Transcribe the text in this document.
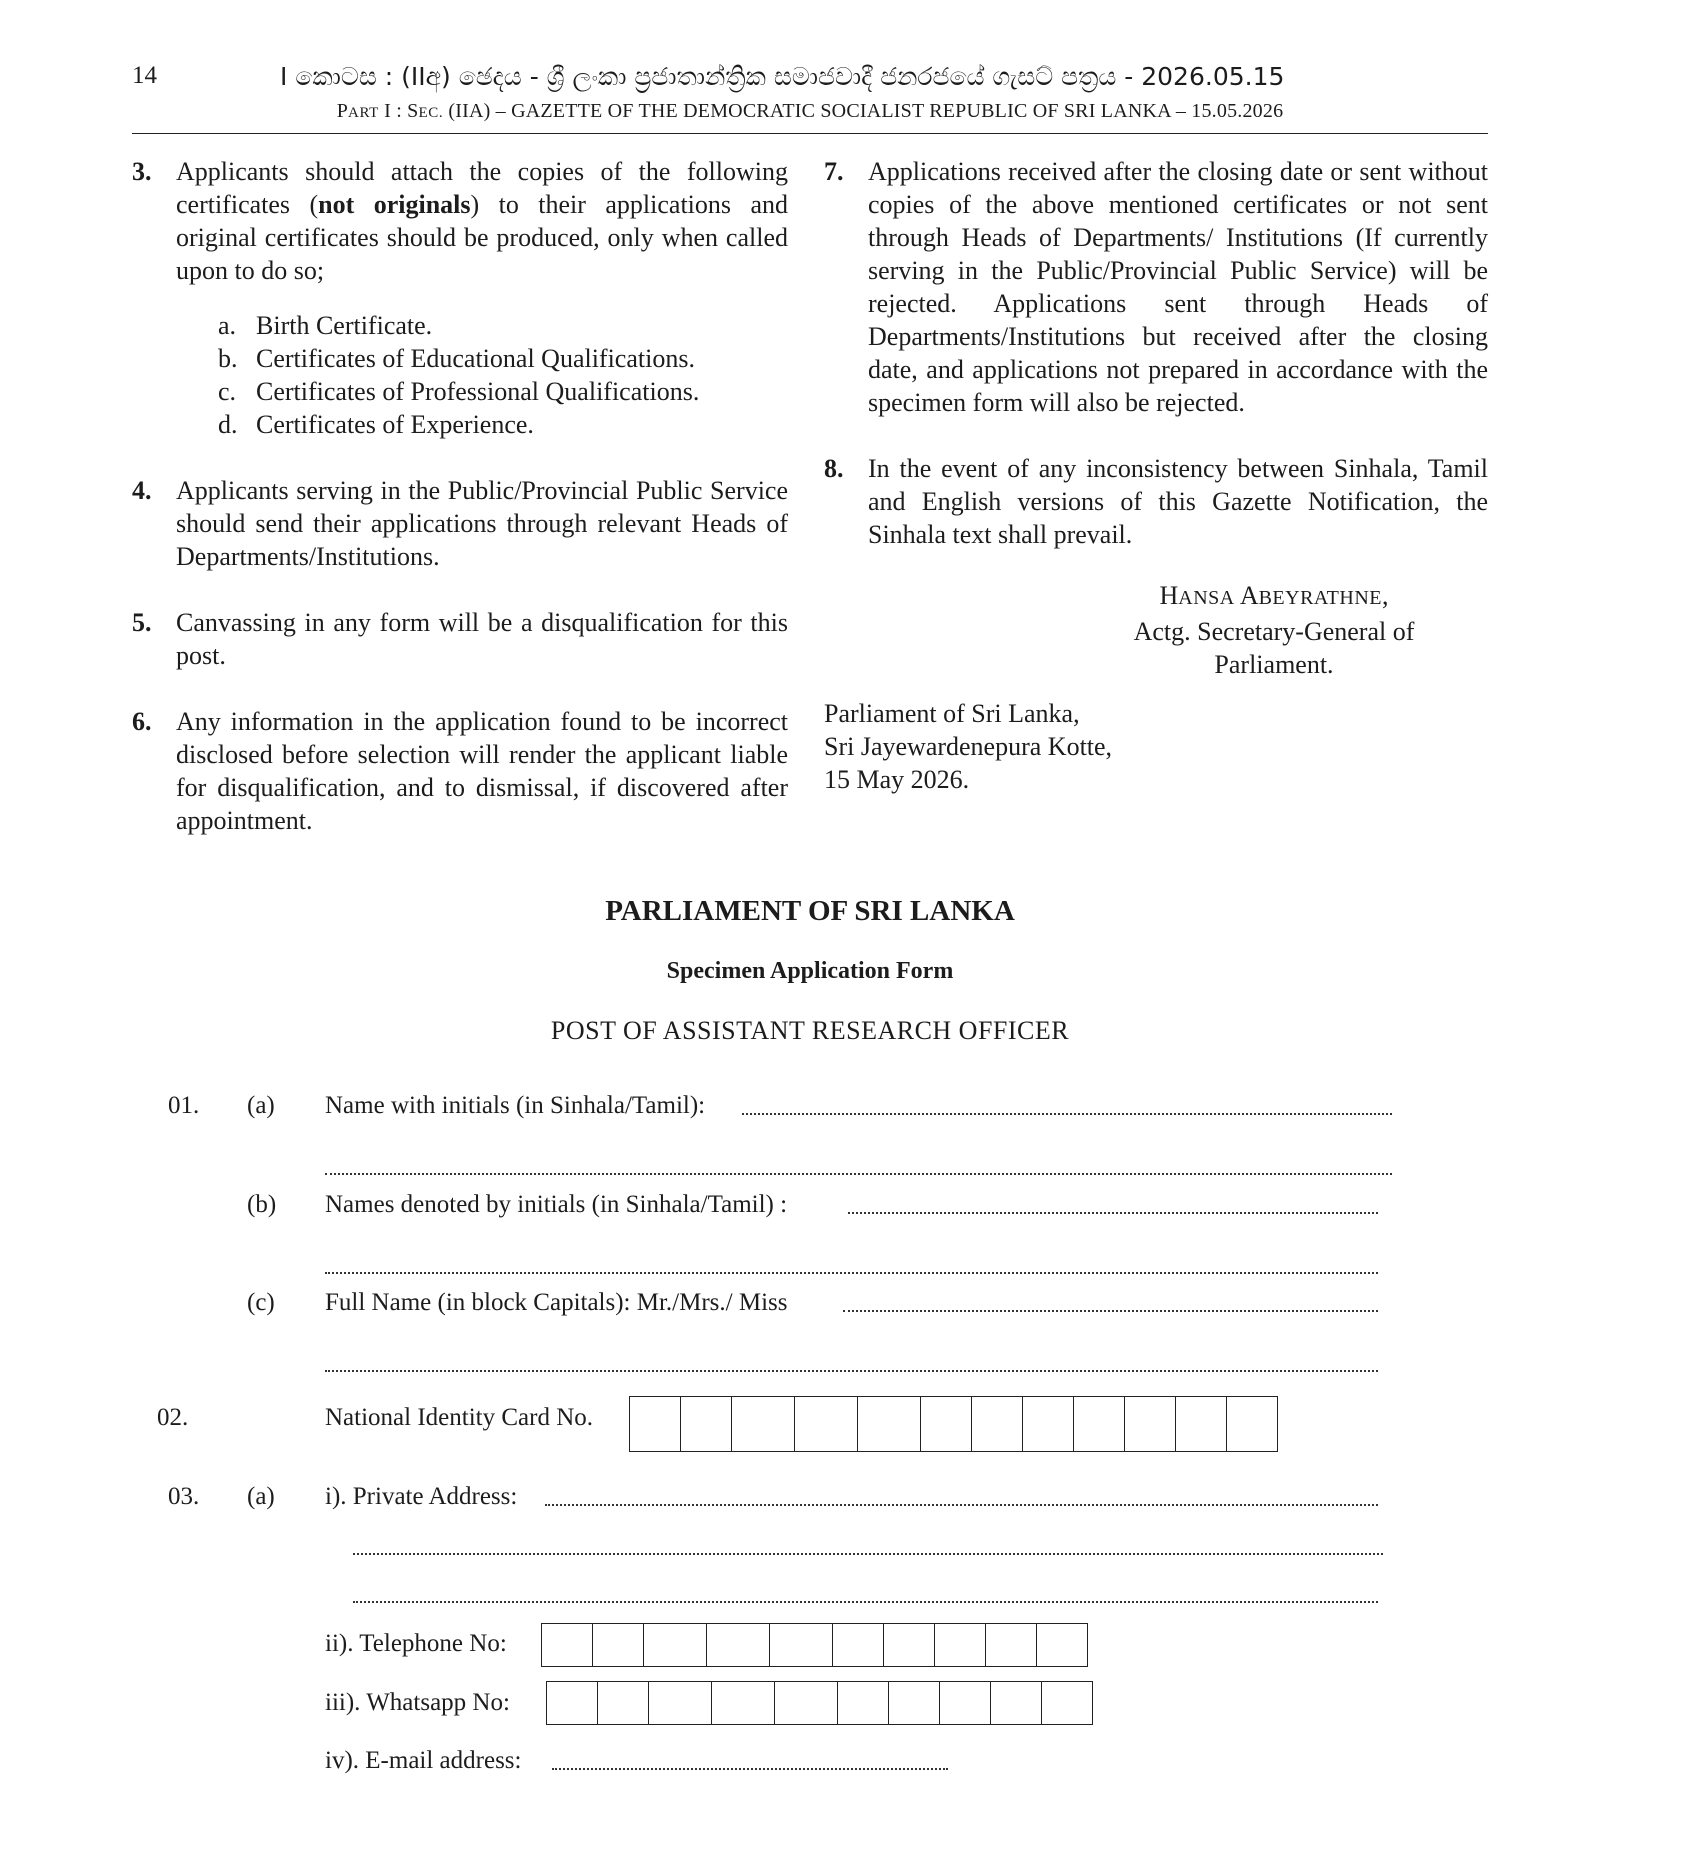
14	I කොටස : (IIඅ) ඡෙදය - ශ්‍රී ලංකා ප්‍රජාතාන්ත්‍රික සමාජවාදී ජනරජයේ ගැසට් පත්‍රය - 2026.05.15
PART I : SEC. (IIA) – GAZETTE OF THE DEMOCRATIC SOCIALIST REPUBLIC OF SRI LANKA – 15.05.2026
3. Applicants should attach the copies of the following certificates (not originals) to their applications and original certificates should be produced, only when called upon to do so;
a. Birth Certificate.
b. Certificates of Educational Qualifications.
c. Certificates of Professional Qualifications.
d. Certificates of Experience.
4. Applicants serving in the Public/Provincial Public Service should send their applications through relevant Heads of Departments/Institutions.
5. Canvassing in any form will be a disqualification for this post.
6. Any information in the application found to be incorrect disclosed before selection will render the applicant liable for disqualification, and to dismissal, if discovered after appointment.
7. Applications received after the closing date or sent without copies of the above mentioned certificates or not sent through Heads of Departments/ Institutions (If currently serving in the Public/Provincial Public Service) will be rejected. Applications sent through Heads of Departments/Institutions but received after the closing date, and applications not prepared in accordance with the specimen form will also be rejected.
8. In the event of any inconsistency between Sinhala, Tamil and English versions of this Gazette Notification, the Sinhala text shall prevail.
HANSA ABEYRATHNE,
Actg. Secretary-General of
Parliament.
Parliament of Sri Lanka,
Sri Jayewardenepura Kotte,
15 May 2026.
PARLIAMENT OF SRI LANKA
Specimen Application Form
POST OF ASSISTANT RESEARCH OFFICER
01. (a) Name with initials (in Sinhala/Tamil):
(b) Names denoted by initials (in Sinhala/Tamil) :
(c) Full Name (in block Capitals): Mr./Mrs./ Miss
02.	National Identity Card No.
03. (a) i). Private Address:
ii). Telephone No:
iii). Whatsapp No:
iv). E-mail address:
